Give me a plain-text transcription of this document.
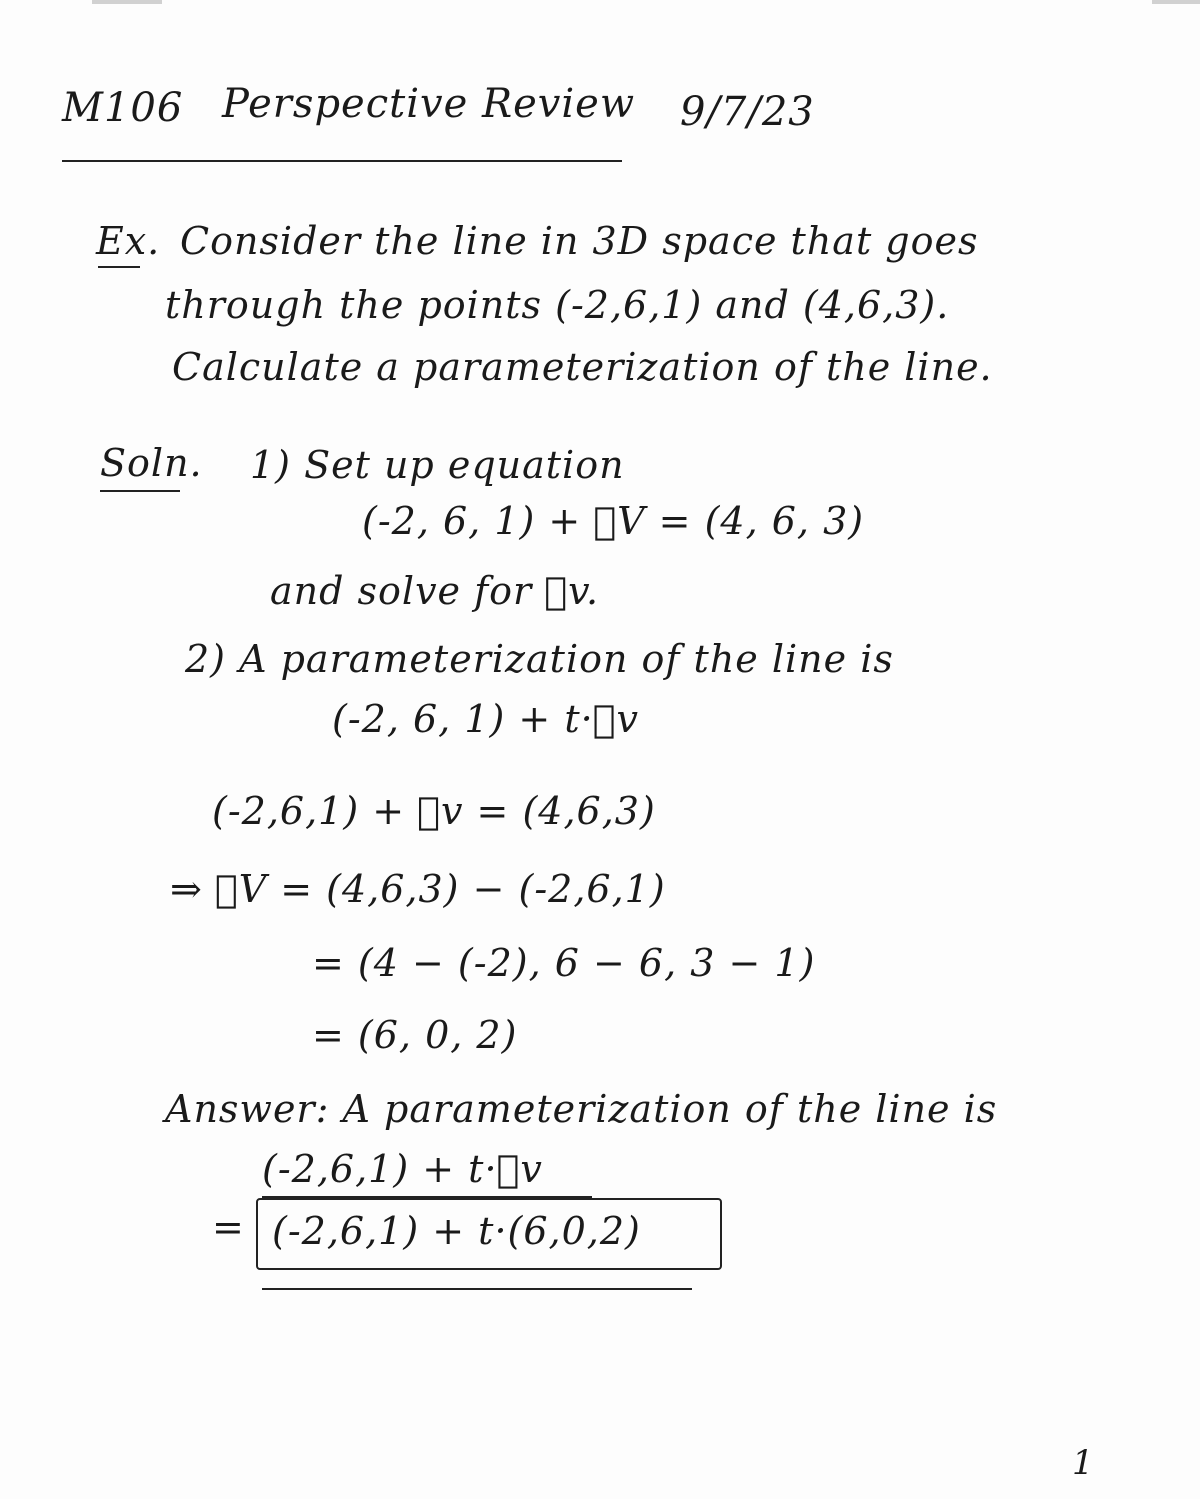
M106 Perspective Review 9/7/23
Ex. Consider the line in 3D space that goes
through the points (-2,6,1) and (4,6,3).
Calculate a parameterization of the line.
Soln. 1) Set up equation
(-2, 6, 1) + ⃗V = (4, 6, 3)
and solve for ⃗v.
2) A parameterization of the line is
(-2, 6, 1) + t·⃗v
(-2,6,1) + ⃗v = (4,6,3)
⇒ ⃗V = (4,6,3) − (-2,6,1)
= (4 − (-2), 6 − 6, 3 − 1)
= (6, 0, 2)
Answer: A parameterization of the line is
(-2,6,1) + t·⃗v
= (-2,6,1) + t·(6,0,2)
1
